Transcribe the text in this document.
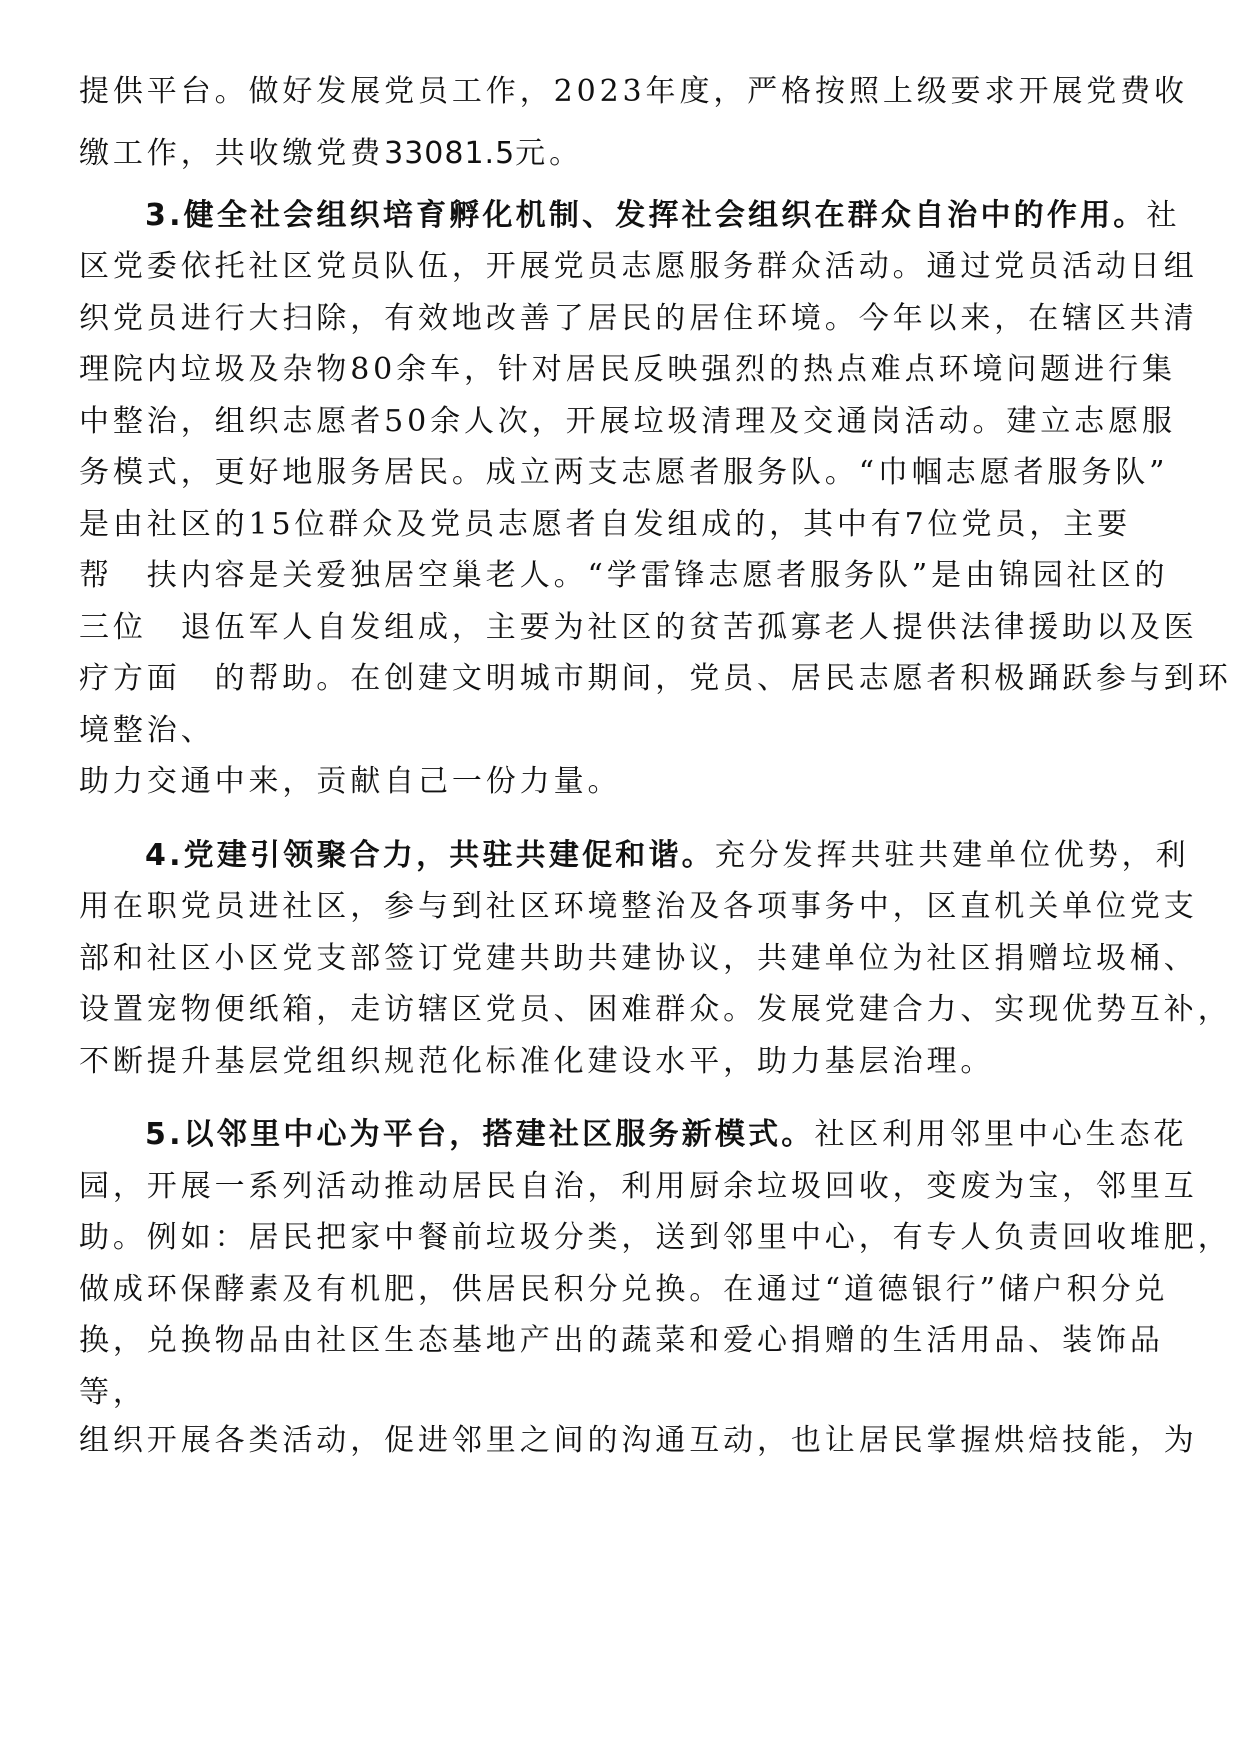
提供平台。做好发展党员工作，2023年度，严格按照上级要求开展党费收
缴工作，共收缴党费33081.5元。
3.健全社会组织培育孵化机制、发挥社会组织在群众自治中的作用。社
区党委依托社区党员队伍，开展党员志愿服务群众活动。通过党员活动日组
织党员进行大扫除，有效地改善了居民的居住环境。今年以来，在辖区共清
理院内垃圾及杂物80余车，针对居民反映强烈的热点难点环境问题进行集
中整治，组织志愿者50余人次，开展垃圾清理及交通岗活动。建立志愿服
务模式，更好地服务居民。成立两支志愿者服务队。“巾帼志愿者服务队”
是由社区的15位群众及党员志愿者自发组成的，其中有7位党员，主要
帮　扶内容是关爱独居空巢老人。“学雷锋志愿者服务队”是由锦园社区的
三位　退伍军人自发组成，主要为社区的贫苦孤寡老人提供法律援助以及医
疗方面　的帮助。在创建文明城市期间，党员、居民志愿者积极踊跃参与到环
境整治、
助力交通中来，贡献自己一份力量。
4.党建引领聚合力，共驻共建促和谐。充分发挥共驻共建单位优势，利
用在职党员进社区，参与到社区环境整治及各项事务中，区直机关单位党支
部和社区小区党支部签订党建共助共建协议，共建单位为社区捐赠垃圾桶、
设置宠物便纸箱，走访辖区党员、困难群众。发展党建合力、实现优势互补，
不断提升基层党组织规范化标准化建设水平，助力基层治理。
5.以邻里中心为平台，搭建社区服务新模式。社区利用邻里中心生态花
园，开展一系列活动推动居民自治，利用厨余垃圾回收，变废为宝，邻里互
助。例如：居民把家中餐前垃圾分类，送到邻里中心，有专人负责回收堆肥，
做成环保酵素及有机肥，供居民积分兑换。在通过“道德银行”储户积分兑
换，兑换物品由社区生态基地产出的蔬菜和爱心捐赠的生活用品、装饰品
等，
组织开展各类活动，促进邻里之间的沟通互动，也让居民掌握烘焙技能，为
